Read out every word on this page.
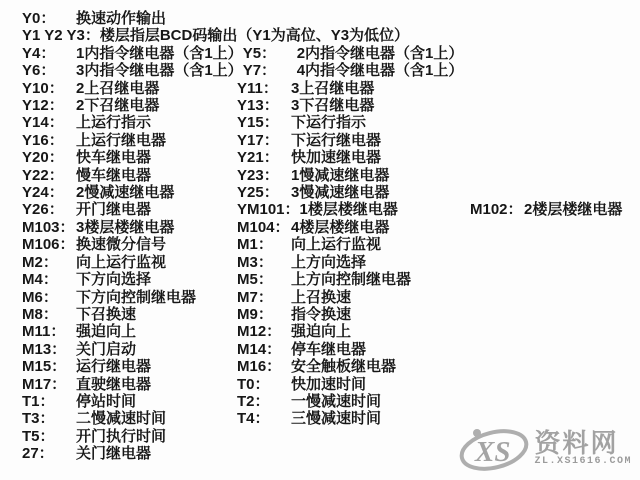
Y0：	换速动作输出
Y1 Y2 Y3： 楼层指层BCD码输出（Y1为高位、Y3为低位）
Y4：	1内指令继电器（含1上） Y5：	2内指令继电器（含1上）
Y6：	3内指令继电器（含1上） Y7：	4内指令继电器（含1上）
Y10： 2上召继电器	Y11： 3上召继电器
Y12： 2下召继电器	Y13： 3下召继电器
Y14： 上运行指示	Y15： 下运行指示
Y16： 上运行继电器	Y17： 下运行继电器
Y20： 快车继电器	Y21： 快加速继电器
Y22： 慢车继电器	Y23： 1慢减速继电器
Y24： 2慢减速继电器	Y25： 3慢减速继电器
Y26： 开门继电器	YM101： 1楼层楼继电器	M102： 2楼层楼继电器
M103： 3楼层楼继电器	M104： 4楼层楼继电器
M106： 换速微分信号	M1：	向上运行监视
M2：	向上运行监视	M3：	上方向选择
M4：	下方向选择	M5：	上方向控制继电器
M6：	下方向控制继电器	M7：	上召换速
M8：	下召换速	M9：	指令换速
M11： 强迫向上	M12： 强迫向上
M13： 关门启动	M14： 停车继电器
M15： 运行继电器	M16： 安全触板继电器
M17： 直驶继电器	T0：	快加速时间
T1：	停站时间	T2：	一慢减速时间
T3：	二慢减速时间	T4：	三慢减速时间
T5：	开门执行时间
27：	关门继电器	XS 资料网
ZL.XS1616.COM
